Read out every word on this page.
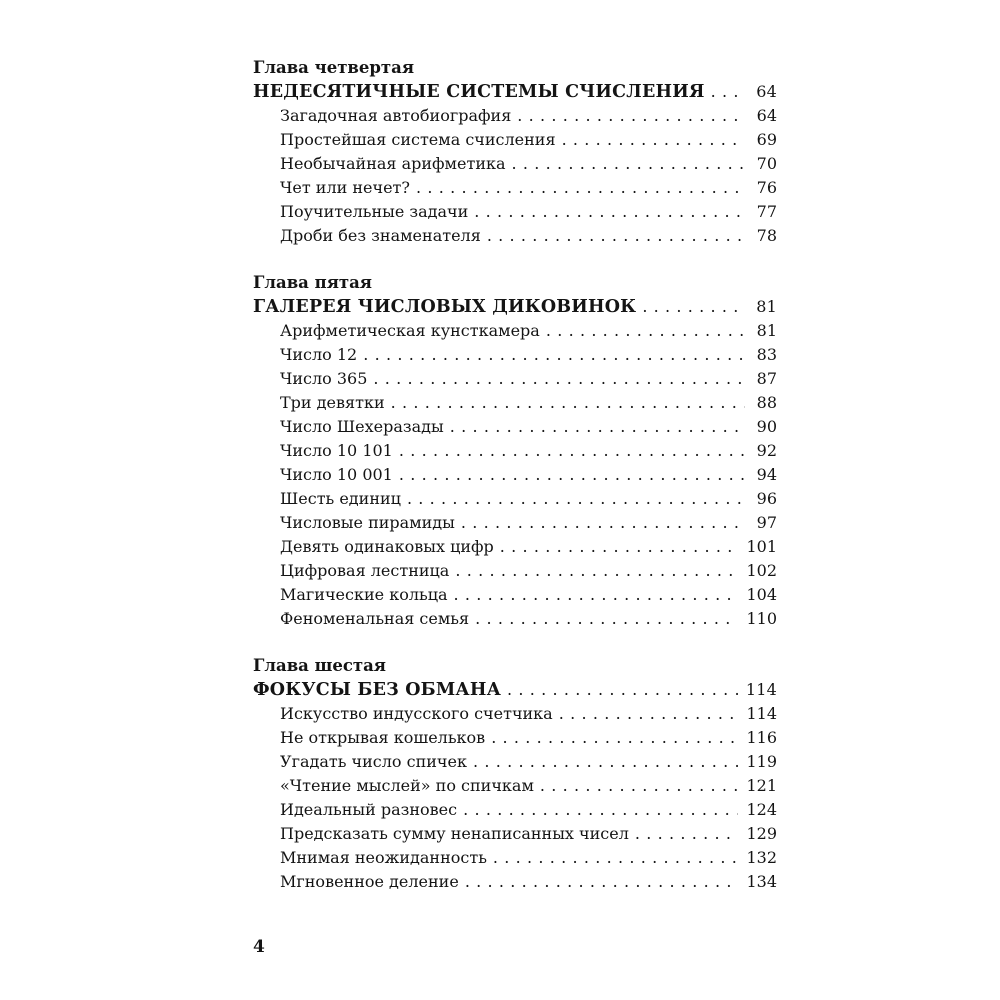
Глава четвертая
НЕДЕСЯТИЧНЫЕ СИСТЕМЫ СЧИСЛЕНИЯ . . .	64
Загадочная автобиография . . .	64
Простейшая система счисления . . .	69
Необычайная арифметика . . .	70
Чет или нечет? . . .	76
Поучительные задачи . . .	77
Дроби без знаменателя . . .	78
Глава пятая
ГАЛЕРЕЯ ЧИСЛОВЫХ ДИКОВИНОК . . .	81
Арифметическая кунсткамера . . .	81
Число 12 . . .	83
Число 365 . . .	87
Три девятки . . .	88
Число Шехеразады . . .	90
Число 10 101 . . .	92
Число 10 001 . . .	94
Шесть единиц . . .	96
Числовые пирамиды . . .	97
Девять одинаковых цифр . . .	101
Цифровая лестница . . .	102
Магические кольца . . .	104
Феноменальная семья . . .	110
Глава шестая
ФОКУСЫ БЕЗ ОБМАНА . . .	114
Искусство индусского счетчика . . .	114
Не открывая кошельков . . .	116
Угадать число спичек . . .	119
«Чтение мыслей» по спичкам . . .	121
Идеальный разновес . . .	124
Предсказать сумму ненаписанных чисел . . .	129
Мнимая неожиданность . . .	132
Мгновенное деление . . .	134
4
